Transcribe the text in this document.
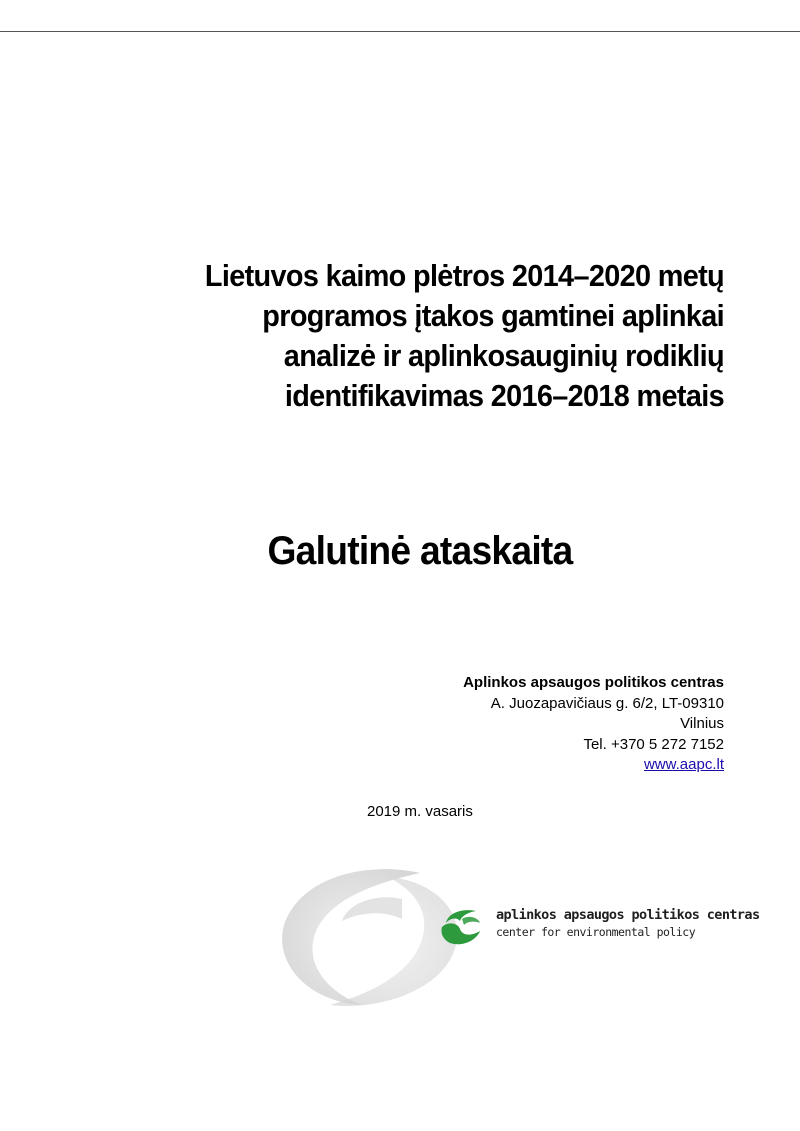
Lietuvos kaimo plėtros 2014–2020 metų
programos įtakos gamtinei aplinkai
analizė ir aplinkosauginių rodiklių
identifikavimas 2016–2018 metais
Galutinė ataskaita
Aplinkos apsaugos politikos centras
A. Juozapavičiaus g. 6/2, LT-09310
Vilnius
Tel. +370 5 272 7152
www.aapc.lt
2019 m. vasaris
aplinkos apsaugos politikos centras
center for environmental policy
